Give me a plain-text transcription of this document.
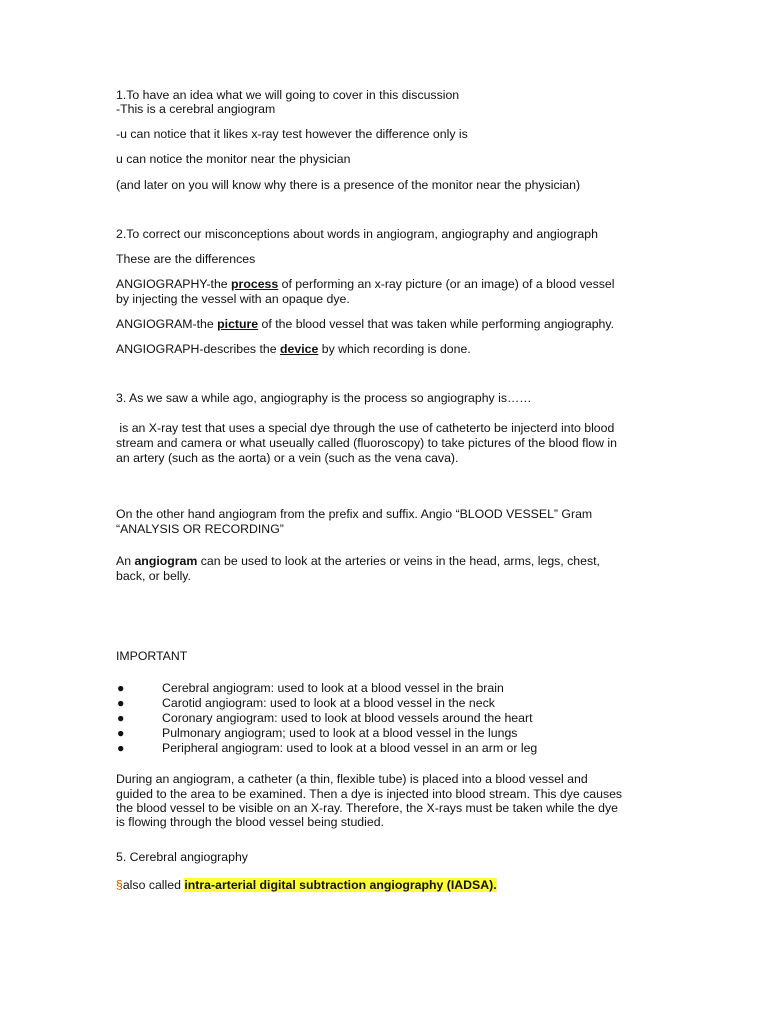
1.To have an idea what we will going to cover in this discussion
-This is a cerebral angiogram
-u can notice that it likes x-ray test however the difference only is
u can notice the monitor near the physician
(and later on you will know why there is a presence of the monitor near the physician)
2.To correct our misconceptions about words in angiogram, angiography and angiograph
These are the differences
ANGIOGRAPHY-the process of performing an x-ray picture (or an image) of a blood vessel
by injecting the vessel with an opaque dye.
ANGIOGRAM-the picture of the blood vessel that was taken while performing angiography.
ANGIOGRAPH-describes the device by which recording is done.
3. As we saw a while ago, angiography is the process so angiography is……
is an X-ray test that uses a special dye through the use of catheterto be injecterd into blood
stream and camera or what useually called (fluoroscopy) to take pictures of the blood flow in
an artery (such as the aorta) or a vein (such as the vena cava).
On the other hand angiogram from the prefix and suffix. Angio “BLOOD VESSEL” Gram
“ANALYSIS OR RECORDING”
An angiogram can be used to look at the arteries or veins in the head, arms, legs, chest,
back, or belly.
IMPORTANT
●	Cerebral angiogram: used to look at a blood vessel in the brain
●	Carotid angiogram: used to look at a blood vessel in the neck
●	Coronary angiogram: used to look at blood vessels around the heart
●	Pulmonary angiogram; used to look at a blood vessel in the lungs
●	Peripheral angiogram: used to look at a blood vessel in an arm or leg
During an angiogram, a catheter (a thin, flexible tube) is placed into a blood vessel and
guided to the area to be examined. Then a dye is injected into blood stream. This dye causes
the blood vessel to be visible on an X-ray. Therefore, the X-rays must be taken while the dye
is flowing through the blood vessel being studied.
5. Cerebral angiography
§also called intra-arterial digital subtraction angiography (IADSA).
